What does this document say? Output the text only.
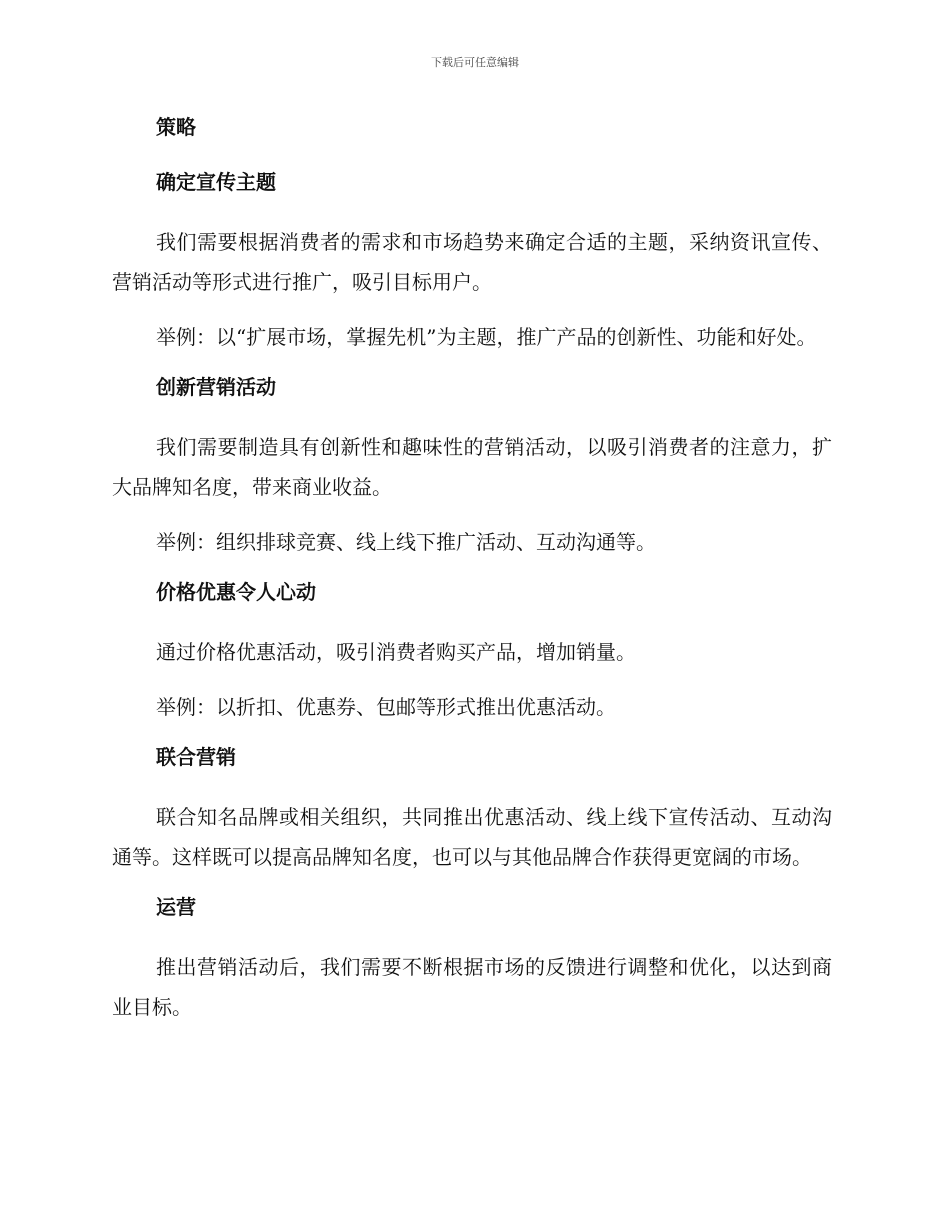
下载后可任意编辑
策略
确定宣传主题

我们需要根据消费者的需求和市场趋势来确定合适的主题，采纳资讯宣传、营销活动等形式进行推广，吸引目标用户。

举例：以“扩展市场，掌握先机”为主题，推广产品的创新性、功能和好处。

创新营销活动

我们需要制造具有创新性和趣味性的营销活动，以吸引消费者的注意力，扩大品牌知名度，带来商业收益。

举例：组织排球竞赛、线上线下推广活动、互动沟通等。

价格优惠令人心动

通过价格优惠活动，吸引消费者购买产品，增加销量。

举例：以折扣、优惠券、包邮等形式推出优惠活动。

联合营销

联合知名品牌或相关组织，共同推出优惠活动、线上线下宣传活动、互动沟通等。这样既可以提高品牌知名度，也可以与其他品牌合作获得更宽阔的市场。

运营

推出营销活动后，我们需要不断根据市场的反馈进行调整和优化，以达到商业目标。
